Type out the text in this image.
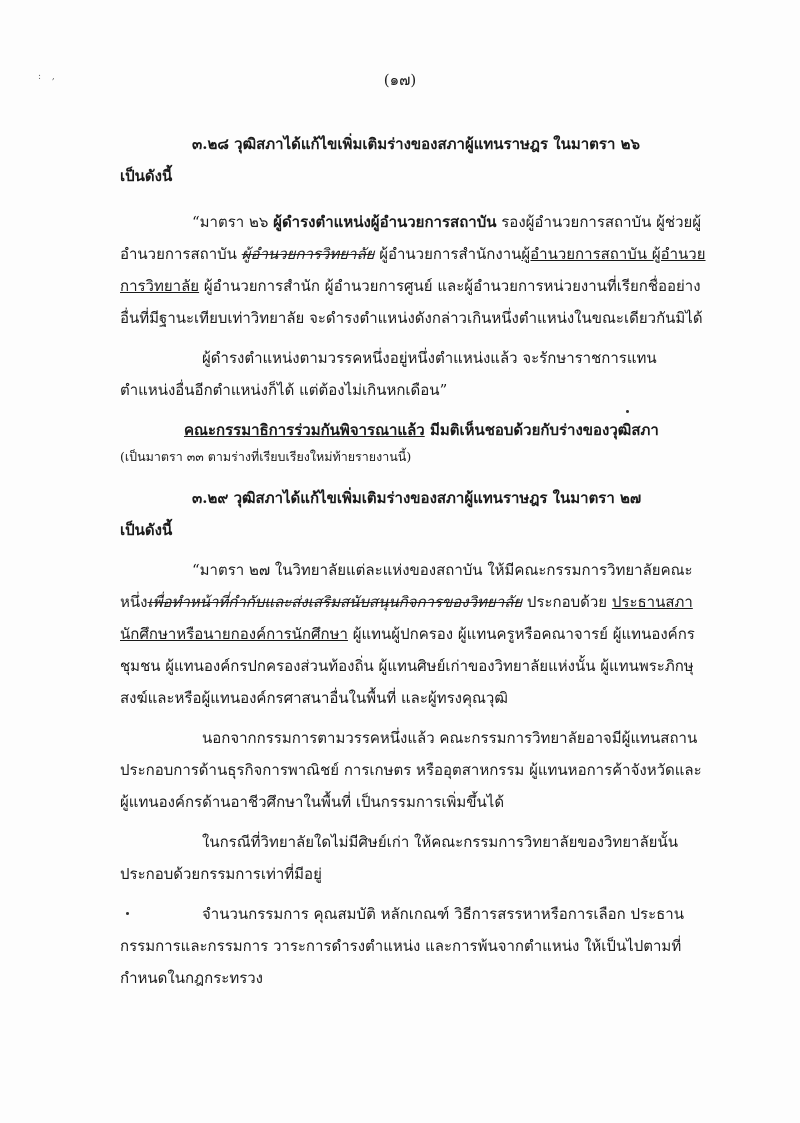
: ,	(๑๗)

๓.๒๘ วุฒิสภาได้แก้ไขเพิ่มเติมร่างของสภาผู้แทนราษฎร ในมาตรา ๒๖
เป็นดังนี้

“มาตรา ๒๖ ผู้ดำรงตำแหน่งผู้อำนวยการสถาบัน รองผู้อำนวยการสถาบัน ผู้ช่วยผู้อำนวยการสถาบัน ผู้อำนวยการวิทยาลัย ผู้อำนวยการสำนักงานผู้อำนวยการสถาบัน ผู้อำนวยการวิทยาลัย ผู้อำนวยการสำนัก ผู้อำนวยการศูนย์ และผู้อำนวยการหน่วยงานที่เรียกชื่ออย่างอื่นที่มีฐานะเทียบเท่าวิทยาลัย จะดำรงตำแหน่งดังกล่าวเกินหนึ่งตำแหน่งในขณะเดียวกันมิได้

ผู้ดำรงตำแหน่งตามวรรคหนึ่งอยู่หนึ่งตำแหน่งแล้ว จะรักษาราชการแทนตำแหน่งอื่นอีกตำแหน่งก็ได้ แต่ต้องไม่เกินหกเดือน”

คณะกรรมาธิการร่วมกันพิจารณาแล้ว มีมติเห็นชอบด้วยกับร่างของวุฒิสภา

(เป็นมาตรา ๓๓ ตามร่างที่เรียบเรียงใหม่ท้ายรายงานนี้)

๓.๒๙ วุฒิสภาได้แก้ไขเพิ่มเติมร่างของสภาผู้แทนราษฎร ในมาตรา ๒๗
เป็นดังนี้

“มาตรา ๒๗ ในวิทยาลัยแต่ละแห่งของสถาบัน ให้มีคณะกรรมการวิทยาลัยคณะหนึ่งเพื่อทำหน้าที่กำกับและส่งเสริมสนับสนุนกิจการของวิทยาลัย ประกอบด้วย ประธานสภานักศึกษาหรือนายกองค์การนักศึกษา ผู้แทนผู้ปกครอง ผู้แทนครูหรือคณาจารย์ ผู้แทนองค์กรชุมชน ผู้แทนองค์กรปกครองส่วนท้องถิ่น ผู้แทนศิษย์เก่าของวิทยาลัยแห่งนั้น ผู้แทนพระภิกษุสงฆ์และหรือผู้แทนองค์กรศาสนาอื่นในพื้นที่ และผู้ทรงคุณวุฒิ

นอกจากกรรมการตามวรรคหนึ่งแล้ว คณะกรรมการวิทยาลัยอาจมีผู้แทนสถานประกอบการด้านธุรกิจการพาณิชย์ การเกษตร หรืออุตสาหกรรม ผู้แทนหอการค้าจังหวัดและผู้แทนองค์กรด้านอาชีวศึกษาในพื้นที่ เป็นกรรมการเพิ่มขึ้นได้

ในกรณีที่วิทยาลัยใดไม่มีศิษย์เก่า ให้คณะกรรมการวิทยาลัยของวิทยาลัยนั้นประกอบด้วยกรรมการเท่าที่มีอยู่

จำนวนกรรมการ คุณสมบัติ หลักเกณฑ์ วิธีการสรรหาหรือการเลือก ประธานกรรมการและกรรมการ วาระการดำรงตำแหน่ง และการพ้นจากตำแหน่ง ให้เป็นไปตามที่กำหนดในกฎกระทรวง
